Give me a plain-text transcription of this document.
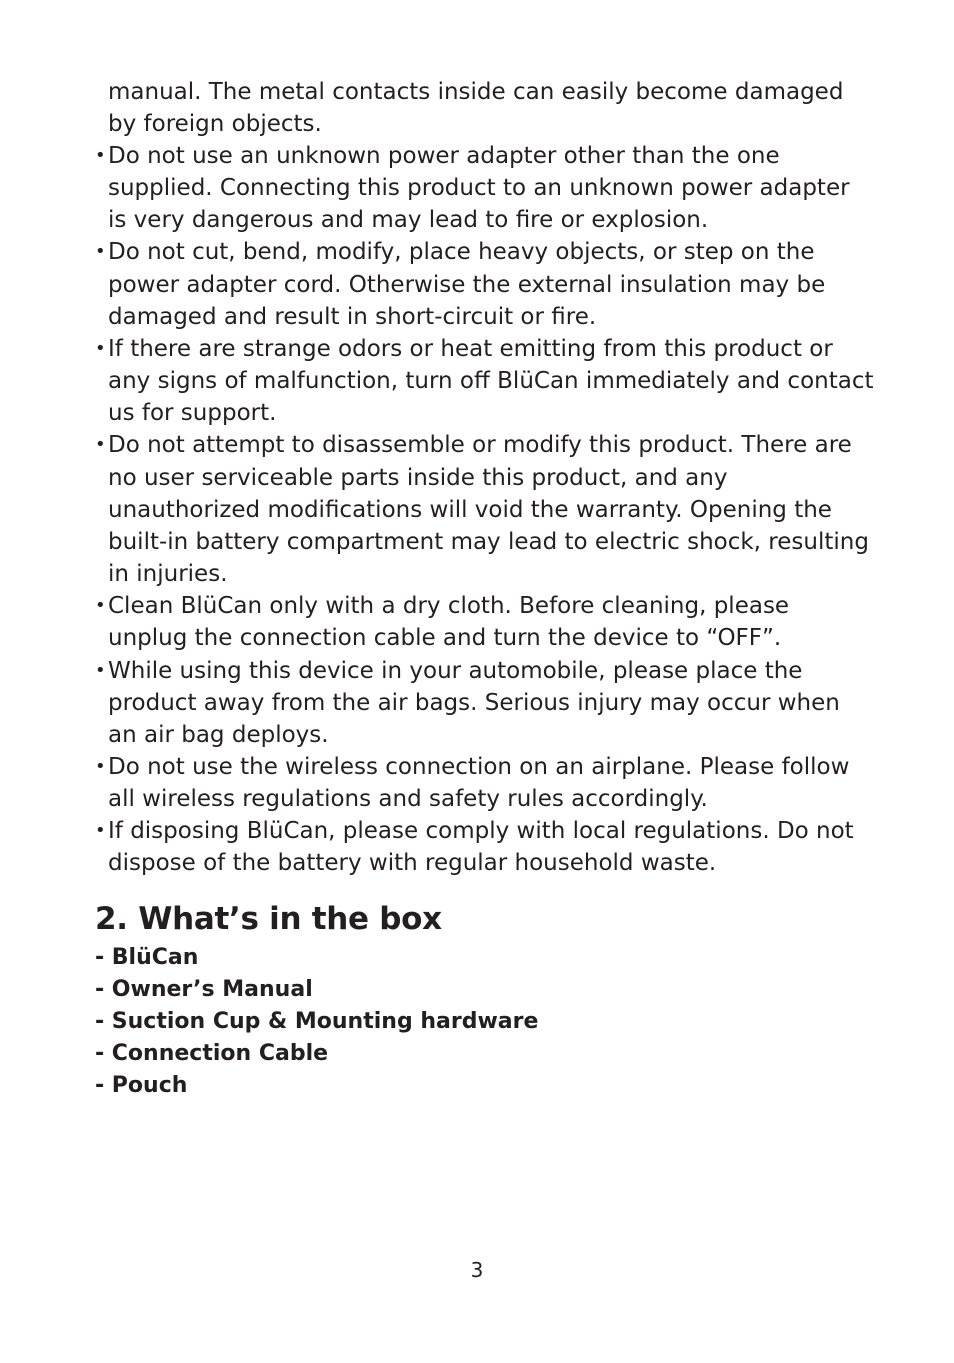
manual. The metal contacts inside can easily become damaged by foreign objects.

• Do not use an unknown power adapter other than the one supplied. Connecting this product to an unknown power adapter is very dangerous and may lead to fire or explosion.
• Do not cut, bend, modify, place heavy objects, or step on the power adapter cord. Otherwise the external insulation may be damaged and result in short-circuit or fire.
• If there are strange odors or heat emitting from this product or any signs of malfunction, turn off BlüCan immediately and contact us for support.
• Do not attempt to disassemble or modify this product. There are no user serviceable parts inside this product, and any unauthorized modifications will void the warranty. Opening the built-in battery compartment may lead to electric shock, resulting in injuries.
• Clean BlüCan only with a dry cloth. Before cleaning, please unplug the connection cable and turn the device to “OFF”.
• While using this device in your automobile, please place the product away from the air bags. Serious injury may occur when an air bag deploys.
• Do not use the wireless connection on an airplane. Please follow all wireless regulations and safety rules accordingly.
• If disposing BlüCan, please comply with local regulations. Do not dispose of the battery with regular household waste.
2. What’s in the box
- BlüCan
- Owner’s Manual
- Suction Cup & Mounting hardware
- Connection Cable
- Pouch
3
